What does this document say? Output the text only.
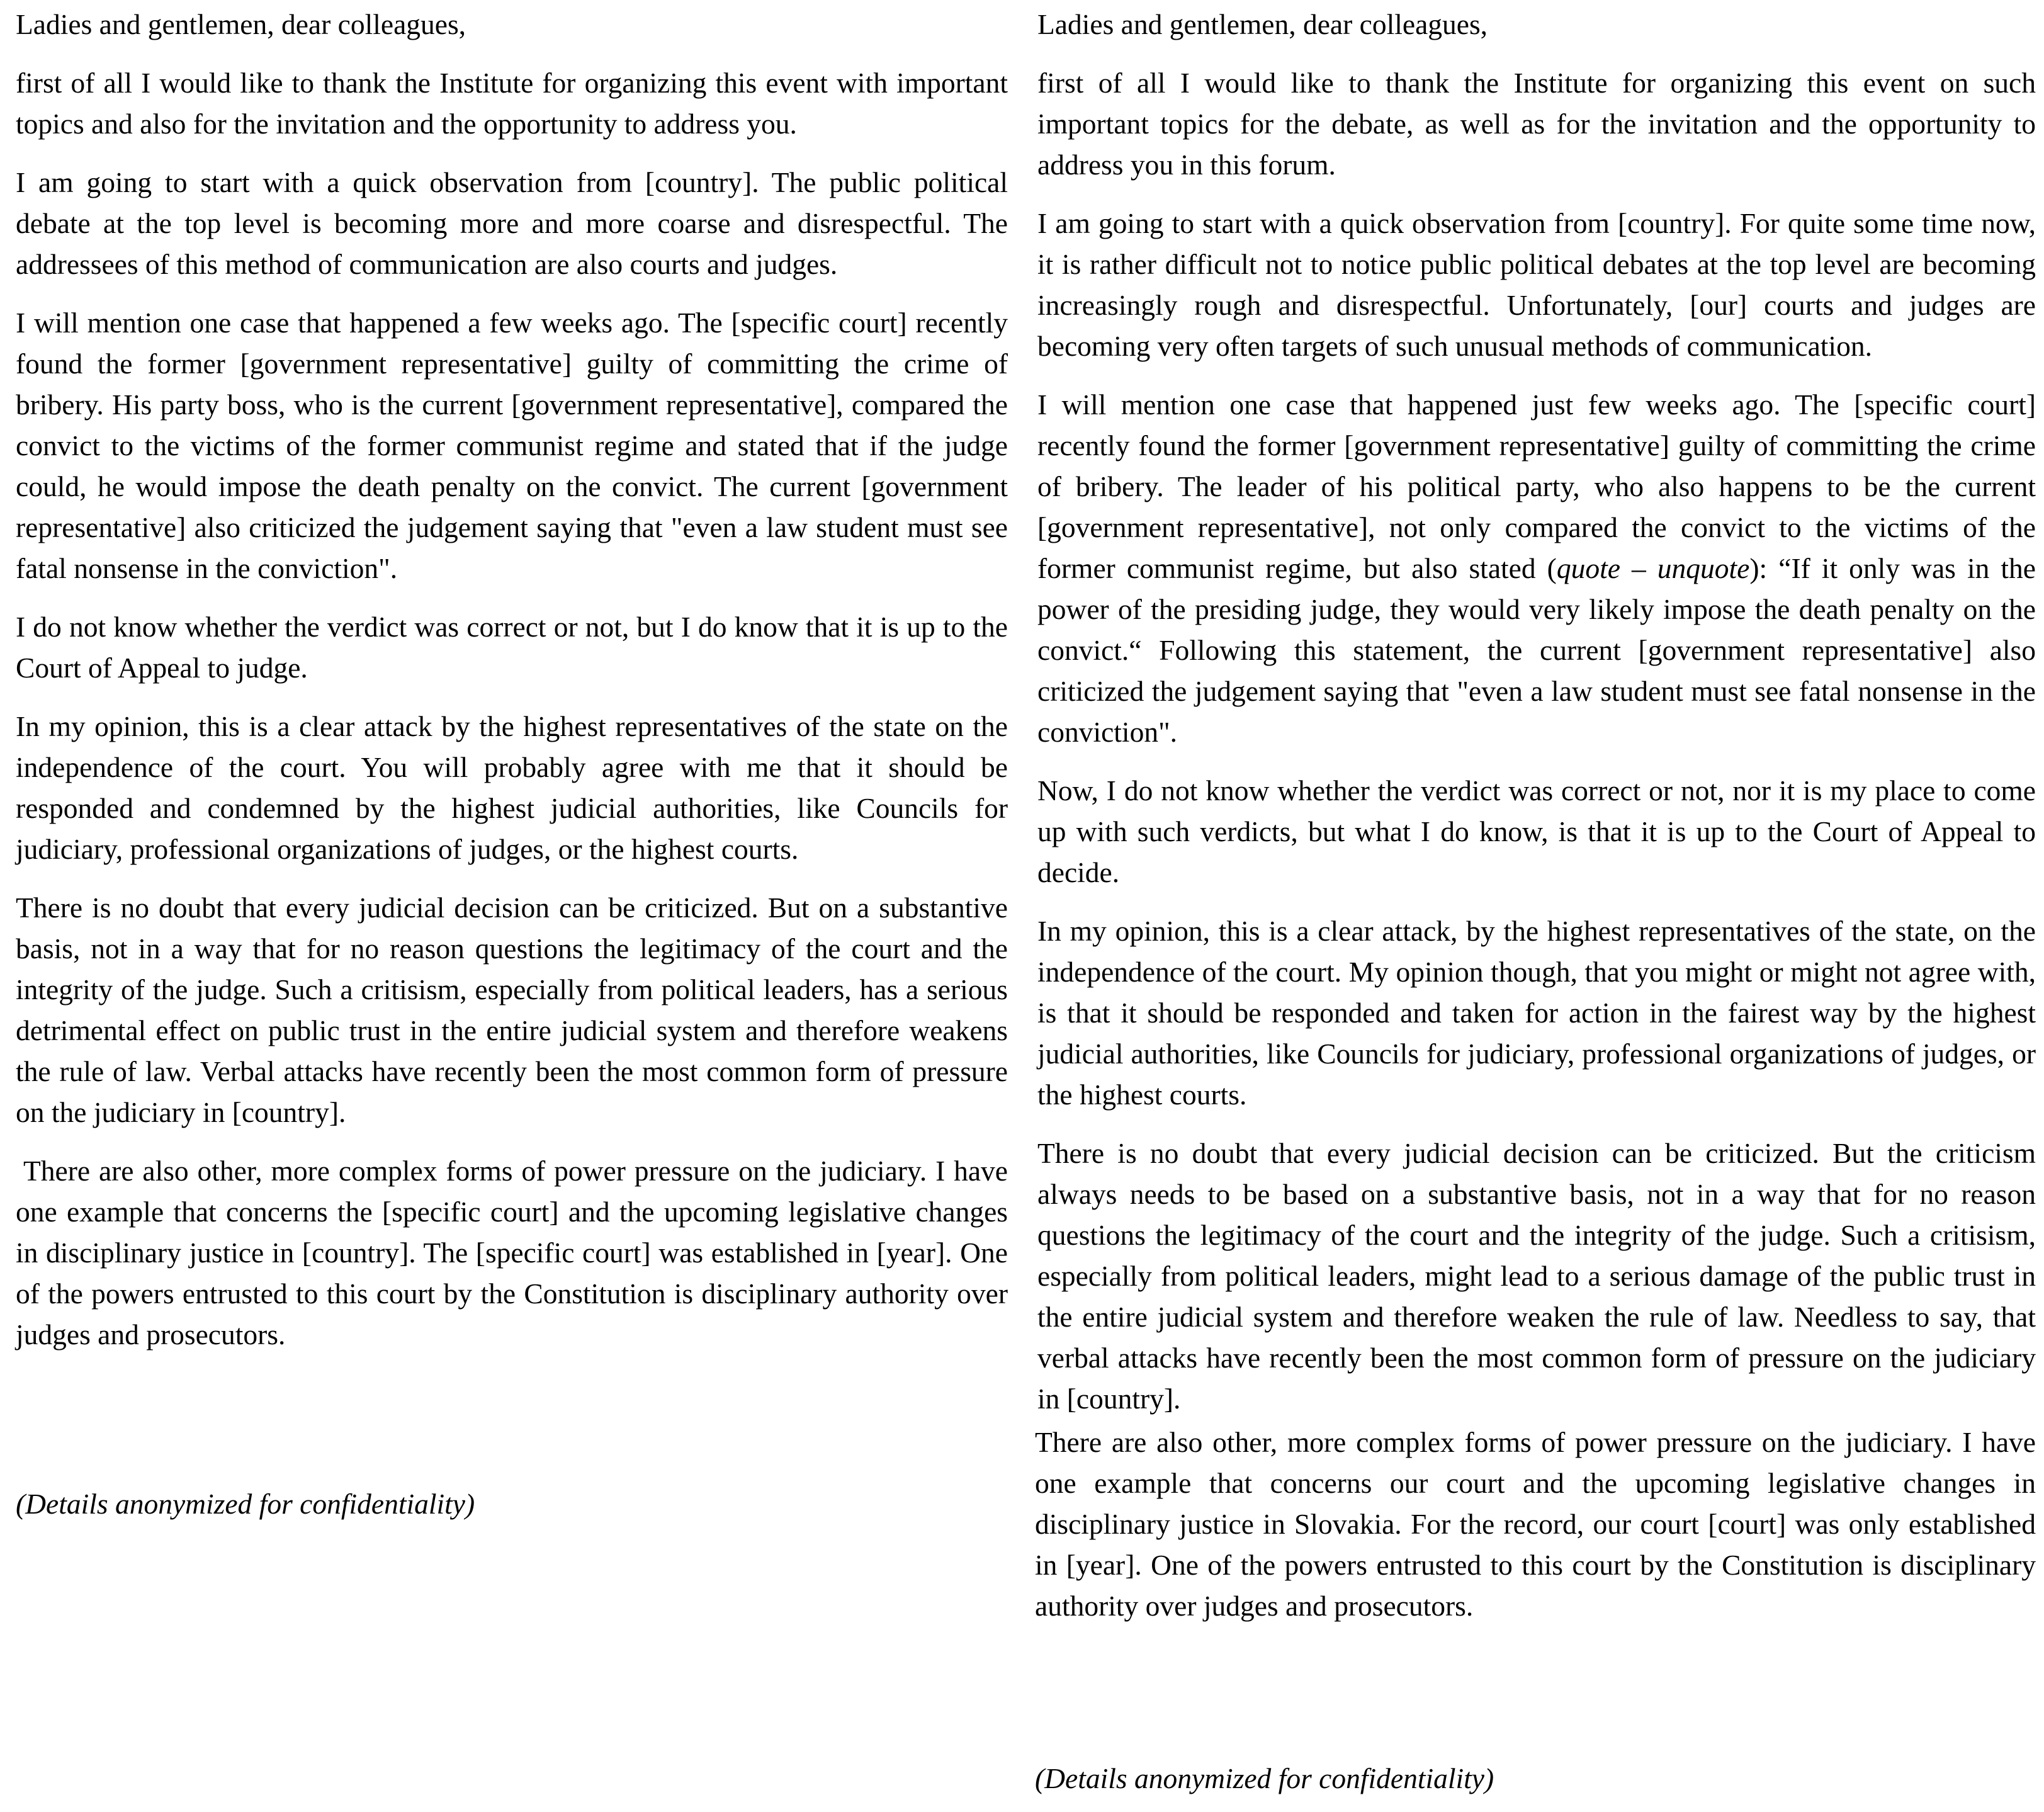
Ladies and gentlemen, dear colleagues,

first of all I would like to thank the Institute for organizing this event with important topics and also for the invitation and the opportunity to address you.

I am going to start with a quick observation from [country]. The public political debate at the top level is becoming more and more coarse and disrespectful. The addressees of this method of communication are also courts and judges.

I will mention one case that happened a few weeks ago. The [specific court] recently found the former [government representative] guilty of committing the crime of bribery. His party boss, who is the current [government representative], compared the convict to the victims of the former communist regime and stated that if the judge could, he would impose the death penalty on the convict. The current [government representative] also criticized the judgement saying that "even a law student must see fatal nonsense in the conviction".

I do not know whether the verdict was correct or not, but I do know that it is up to the Court of Appeal to judge.

In my opinion, this is a clear attack by the highest representatives of the state on the independence of the court. You will probably agree with me that it should be responded and condemned by the highest judicial authorities, like Councils for judiciary, professional organizations of judges, or the highest courts.

There is no doubt that every judicial decision can be criticized. But on a substantive basis, not in a way that for no reason questions the legitimacy of the court and the integrity of the judge. Such a critisism, especially from political leaders, has a serious detrimental effect on public trust in the entire judicial system and therefore weakens the rule of law. Verbal attacks have recently been the most common form of pressure on the judiciary in [country].

There are also other, more complex forms of power pressure on the judiciary. I have one example that concerns the [specific court] and the upcoming legislative changes in disciplinary justice in [country]. The [specific court] was established in [year]. One of the powers entrusted to this court by the Constitution is disciplinary authority over judges and prosecutors.

(Details anonymized for confidentiality)

Ladies and gentlemen, dear colleagues,

first of all I would like to thank the Institute for organizing this event on such important topics for the debate, as well as for the invitation and the opportunity to address you in this forum.

I am going to start with a quick observation from [country]. For quite some time now, it is rather difficult not to notice public political debates at the top level are becoming increasingly rough and disrespectful. Unfortunately, [our] courts and judges are becoming very often targets of such unusual methods of communication.

I will mention one case that happened just few weeks ago. The [specific court] recently found the former [government representative] guilty of committing the crime of bribery. The leader of his political party, who also happens to be the current [government representative], not only compared the convict to the victims of the former communist regime, but also stated (quote – unquote): “If it only was in the power of the presiding judge, they would very likely impose the death penalty on the convict.“ Following this statement, the current [government representative] also criticized the judgement saying that "even a law student must see fatal nonsense in the conviction".

Now, I do not know whether the verdict was correct or not, nor it is my place to come up with such verdicts, but what I do know, is that it is up to the Court of Appeal to decide.

In my opinion, this is a clear attack, by the highest representatives of the state, on the independence of the court. My opinion though, that you might or might not agree with, is that it should be responded and taken for action in the fairest way by the highest judicial authorities, like Councils for judiciary, professional organizations of judges, or the highest courts.

There is no doubt that every judicial decision can be criticized. But the criticism always needs to be based on a substantive basis, not in a way that for no reason questions the legitimacy of the court and the integrity of the judge. Such a critisism, especially from political leaders, might lead to a serious damage of the public trust in the entire judicial system and therefore weaken the rule of law. Needless to say, that verbal attacks have recently been the most common form of pressure on the judiciary in [country].

There are also other, more complex forms of power pressure on the judiciary. I have one example that concerns our court and the upcoming legislative changes in disciplinary justice in Slovakia. For the record, our court [court] was only established in [year]. One of the powers entrusted to this court by the Constitution is disciplinary authority over judges and prosecutors.

(Details anonymized for confidentiality)
